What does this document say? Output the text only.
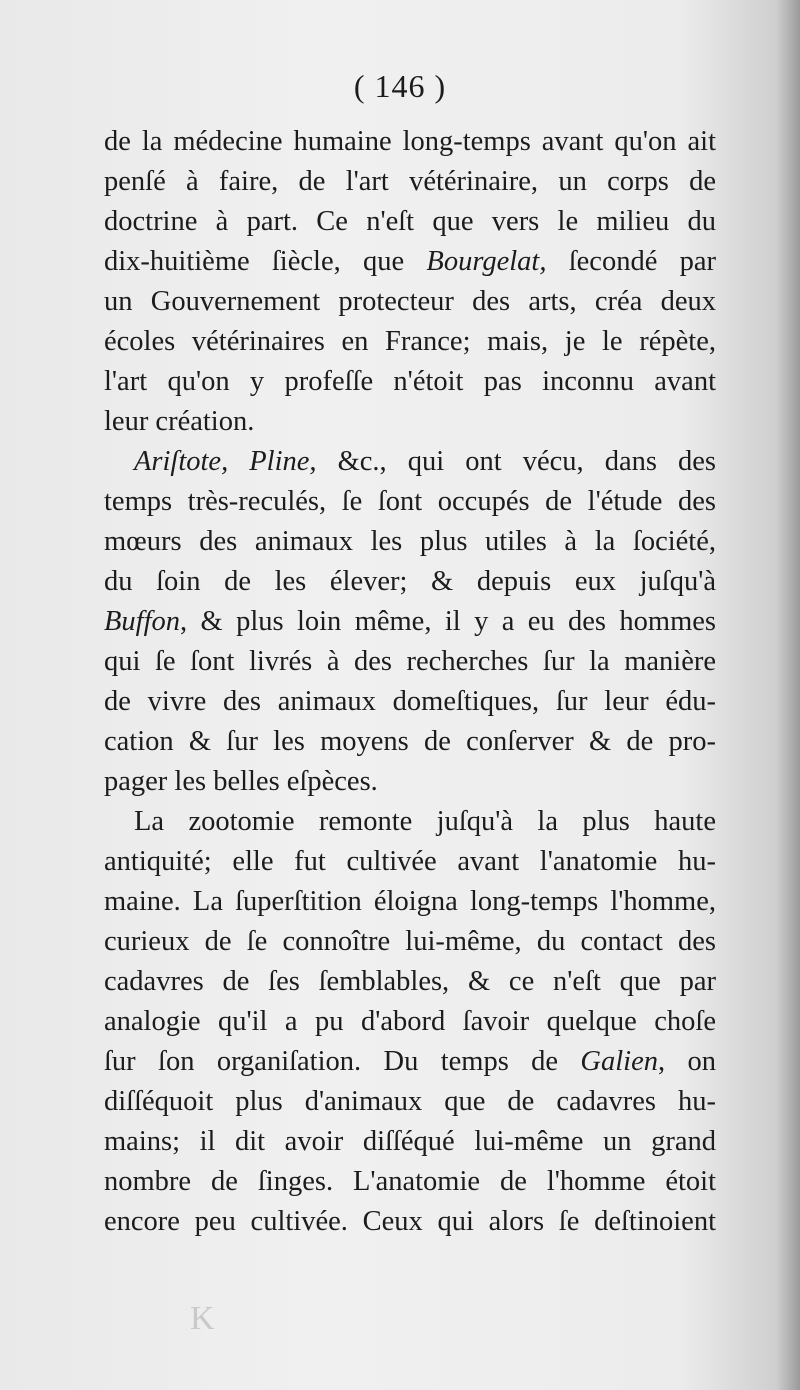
( 146 )
de la médecine humaine long-temps avant qu'on ait
penſé à faire, de l'art vétérinaire, un corps de
doctrine à part. Ce n'eſt que vers le milieu du
dix-huitième ſiècle, que Bourgelat, ſecondé par
un Gouvernement protecteur des arts, créa deux
écoles vétérinaires en France; mais, je le répète,
l'art qu'on y profeſſe n'étoit pas inconnu avant
leur création.
Ariſtote, Pline, &c., qui ont vécu, dans des
temps très-reculés, ſe ſont occupés de l'étude des
mœurs des animaux les plus utiles à la ſociété,
du ſoin de les élever; & depuis eux juſqu'à
Buffon, & plus loin même, il y a eu des hommes
qui ſe ſont livrés à des recherches ſur la manière
de vivre des animaux domeſtiques, ſur leur édu-
cation & ſur les moyens de conſerver & de pro-
pager les belles eſpèces.
La zootomie remonte juſqu'à la plus haute
antiquité; elle fut cultivée avant l'anatomie hu-
maine. La ſuperſtition éloigna long-temps l'homme,
curieux de ſe connoître lui-même, du contact des
cadavres de ſes ſemblables, & ce n'eſt que par
analogie qu'il a pu d'abord ſavoir quelque choſe
ſur ſon organiſation. Du temps de Galien, on
diſſéquoit plus d'animaux que de cadavres hu-
mains; il dit avoir diſſéqué lui-même un grand
nombre de ſinges. L'anatomie de l'homme étoit
encore peu cultivée. Ceux qui alors ſe deſtinoient
K
